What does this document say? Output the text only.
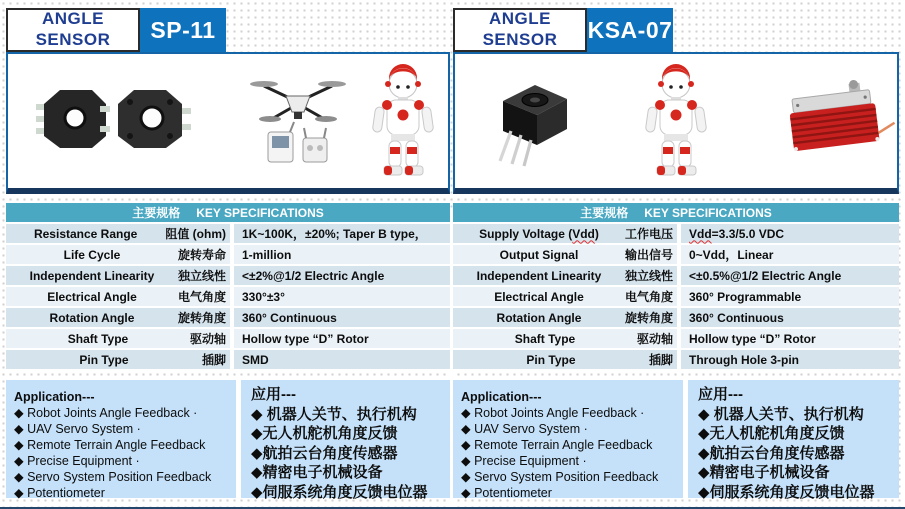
ANGLE
SENSOR	SP-11
主要规格 KEY SPECIFICATIONS
Resistance Range	阻值 (ohm)	1K~100K，±20%; Taper B type，
Life Cycle	旋转寿命	1-million
Independent Linearity	独立线性	<±2%@1/2 Electric Angle
Electrical Angle	电气角度	330°±3°
Rotation Angle	旋转角度	360° Continuous
Shaft Type	驱动轴	Hollow type “D” Rotor
Pin Type	插脚	SMD
Application---
◆ Robot Joints Angle Feedback ·
◆ UAV Servo System ·
◆ Remote Terrain Angle Feedback
◆ Precise Equipment ·
◆ Servo System Position Feedback
◆ Potentiometer
应用---
◆ 机器人关节、执行机构
◆无人机舵机角度反馈
◆航拍云台角度传感器
◆精密电子机械设备
◆伺服系统角度反馈电位器
ANGLE
SENSOR KSA-07
主要规格 KEY SPECIFICATIONS
Supply Voltage (Vdd)	工作电压	Vdd =3.3/5.0 VDC
Output Signal	输出信号	0~Vdd，Linear
Independent Linearity	独立线性	<±0.5%@1/2 Electric Angle
Electrical Angle	电气角度	360° Programmable
Rotation Angle	旋转角度	360° Continuous
Shaft Type	驱动轴	Hollow type “D” Rotor
Pin Type	插脚	Through Hole 3-pin
Application---
◆ Robot Joints Angle Feedback ·
◆ UAV Servo System ·
◆ Remote Terrain Angle Feedback
◆ Precise Equipment ·
◆ Servo System Position Feedback
◆ Potentiometer
应用---
◆ 机器人关节、执行机构
◆无人机舵机角度反馈
◆航拍云台角度传感器
◆精密电子机械设备
◆伺服系统角度反馈电位器
